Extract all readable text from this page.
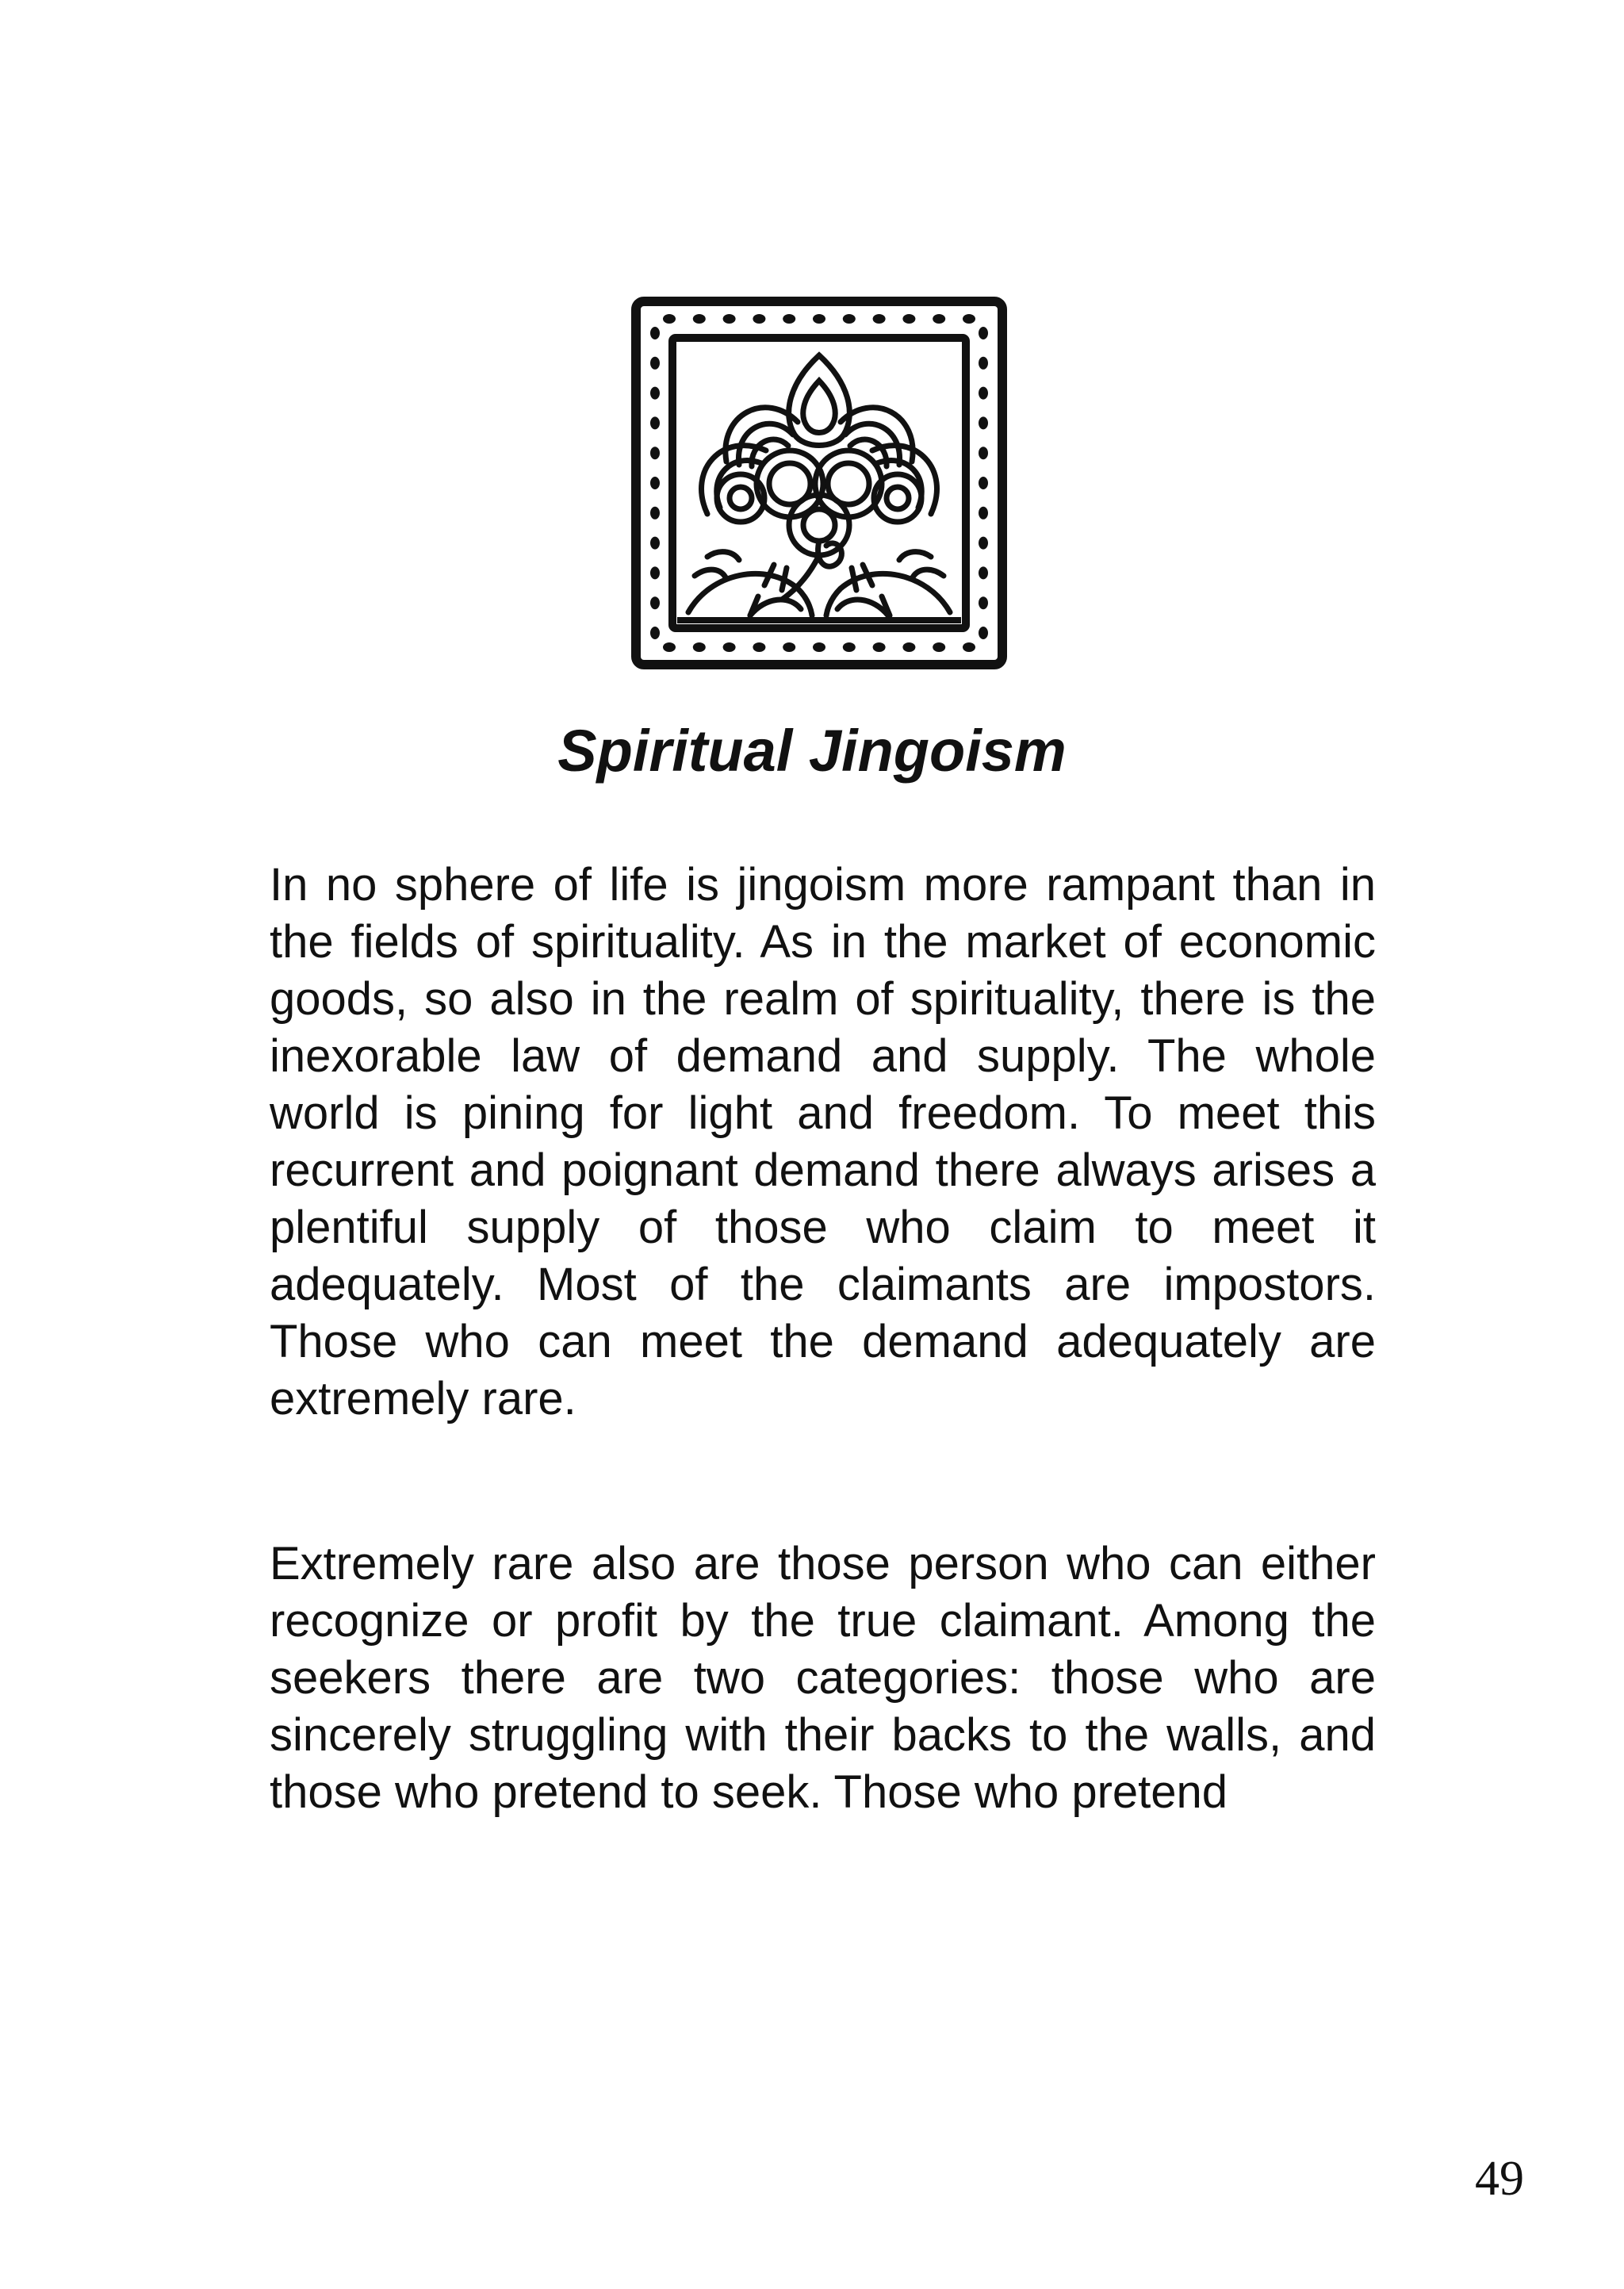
Spiritual Jingoism

In no sphere of life is jingoism more rampant than in the fields of spirituality. As in the market of economic goods, so also in the realm of spirituality, there is the inexorable law of demand and supply. The whole world is pining for light and freedom. To meet this recurrent and poignant demand there always arises a plentiful supply of those who claim to meet it adequately. Most of the claimants are impostors. Those who can meet the demand adequately are extremely rare.

Extremely rare also are those person who can either recognize or profit by the true claimant. Among the seekers there are two categories: those who are sincerely struggling with their backs to the walls, and those who pretend to seek. Those who pretend

49
